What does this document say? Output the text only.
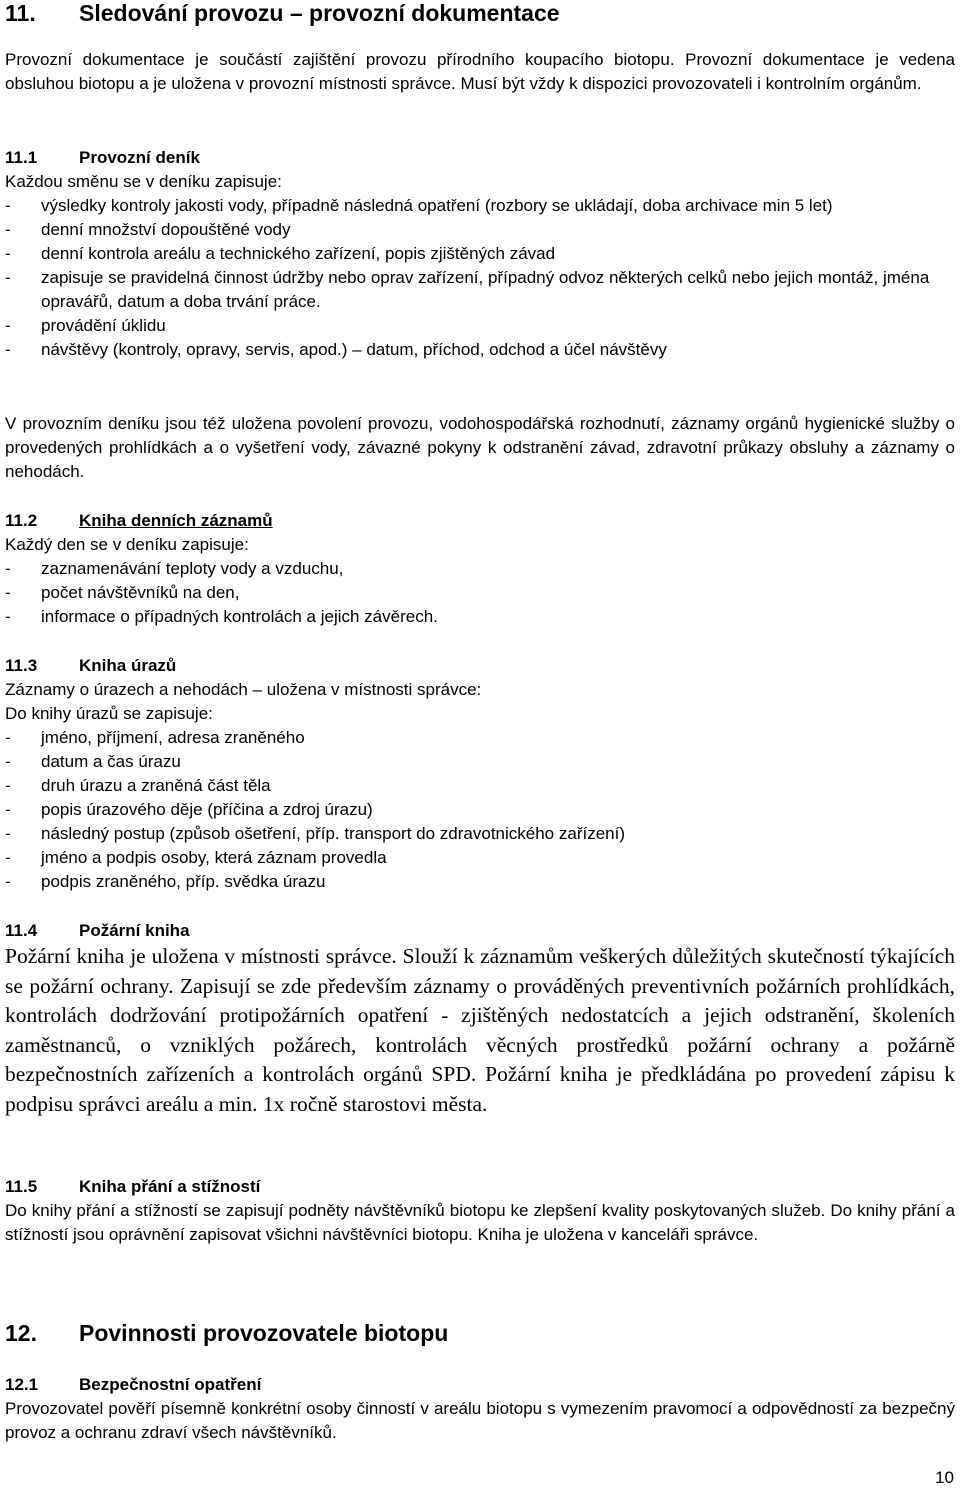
11. Sledování provozu – provozní dokumentace
Provozní dokumentace je součástí zajištění provozu přírodního koupacího biotopu. Provozní dokumentace je vedena obsluhou biotopu a je uložena v provozní místnosti správce. Musí být vždy k dispozici provozovateli i kontrolním orgánům.
11.1 Provozní deník
Každou směnu se v deníku zapisuje:
- výsledky kontroly jakosti vody, případně následná opatření (rozbory se ukládají, doba archivace min 5 let)
- denní množství dopouštěné vody
- denní kontrola areálu a technického zařízení, popis zjištěných závad
- zapisuje se pravidelná činnost údržby nebo oprav zařízení, případný odvoz některých celků nebo jejich montáž, jména opravářů, datum a doba trvání práce.
- provádění úklidu
- návštěvy (kontroly, opravy, servis, apod.) – datum, příchod, odchod a účel návštěvy
V provozním deníku jsou též uložena povolení provozu, vodohospodářská rozhodnutí, záznamy orgánů hygienické služby o provedených prohlídkách a o vyšetření vody, závazné pokyny k odstranění závad, zdravotní průkazy obsluhy a záznamy o nehodách.
11.2 Kniha denních záznamů
Každý den se v deníku zapisuje:
- zaznamenávání teploty vody a vzduchu,
- počet návštěvníků na den,
- informace o případných kontrolách a jejich závěrech.
11.3 Kniha úrazů
Záznamy o úrazech a nehodách – uložena v místnosti správce:
Do knihy úrazů se zapisuje:
- jméno, příjmení, adresa zraněného
- datum a čas úrazu
- druh úrazu a zraněná část těla
- popis úrazového děje (příčina a zdroj úrazu)
- následný postup (způsob ošetření, příp. transport do zdravotnického zařízení)
- jméno a podpis osoby, která záznam provedla
- podpis zraněného, příp. svědka úrazu
11.4 Požární kniha
Požární kniha je uložena v místnosti správce. Slouží k záznamům veškerých důležitých skutečností týkajících se požární ochrany. Zapisují se zde především záznamy o prováděných preventivních požárních prohlídkách, kontrolách dodržování protipožárních opatření - zjištěných nedostatcích a jejich odstranění, školeních zaměstnanců, o vzniklých požárech, kontrolách věcných prostředků požární ochrany a požárně bezpečnostních zařízeních a kontrolách orgánů SPD. Požární kniha je předkládána po provedení zápisu k podpisu správci areálu a min. 1x ročně starostovi města.
11.5 Kniha přání a stížností
Do knihy přání a stížností se zapisují podněty návštěvníků biotopu ke zlepšení kvality poskytovaných služeb. Do knihy přání a stížností jsou oprávnění zapisovat všichni návštěvníci biotopu. Kniha je uložena v kanceláři správce.
12. Povinnosti provozovatele biotopu
12.1 Bezpečnostní opatření
Provozovatel pověří písemně konkrétní osoby činností v areálu biotopu s vymezením pravomocí a odpovědností za bezpečný provoz a ochranu zdraví všech návštěvníků.
10
